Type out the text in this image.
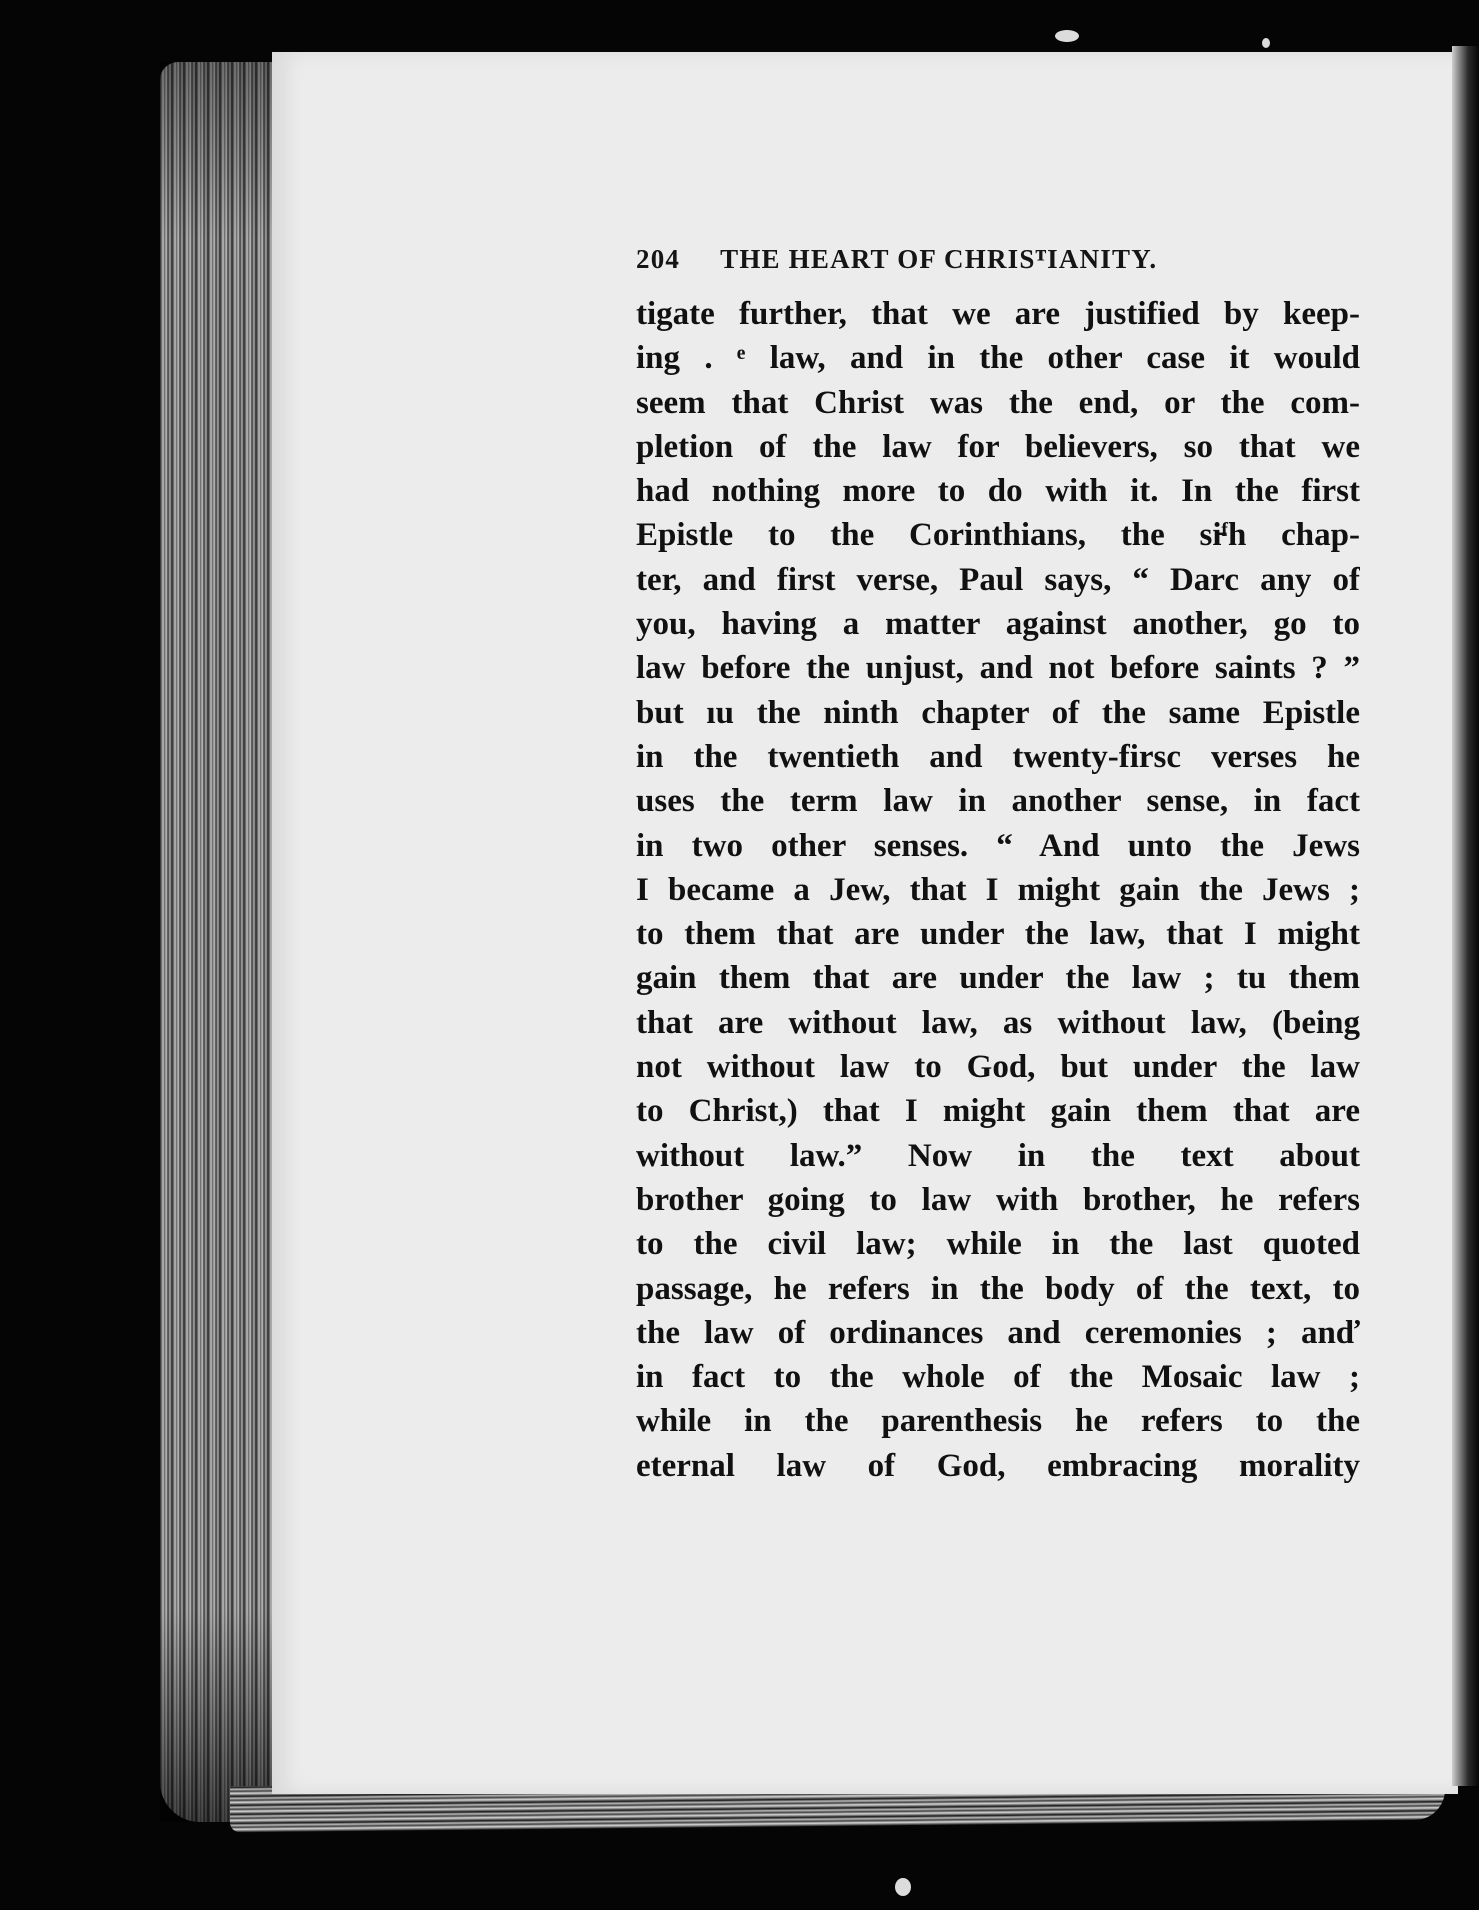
204 THE HEART OF CHRISᵀIANITY.
tigate further, that we are justified by keep-
ing . ᵉ law, and in the other case it would
seem that Christ was the end, or the com-
pletion of the law for believers, so that we
had nothing more to do with it. In the first
Epistle to the Corinthians, the si̵ᶠh chap-
ter, and first verse, Paul says, “ Darc any of
you, having a matter against another, go to
law before the unjust, and not before saints ? ”
but ıu the ninth chapter of the same Epistle
in the twentieth and twenty-firsc verses he
uses the term law in another sense, in fact
in two other senses. “ And unto the Jews
I became a Jew, that I might gain the Jews ;
to them that are under the law, that I might
gain them that are under the law ; tu them
that are without law, as without law, (being
not without law to God, but under the law
to Christ,) that I might gain them that are
without law.” Now in the text about
brother going to law with brother, he refers
to the civil law; while in the last quoted
passage, he refers in the body of the text, to
the law of ordinances and ceremonies ; anď
in fact to the whole of the Mosaic law ;
while in the parenthesis he refers to the
eternal law of God, embracing morality
